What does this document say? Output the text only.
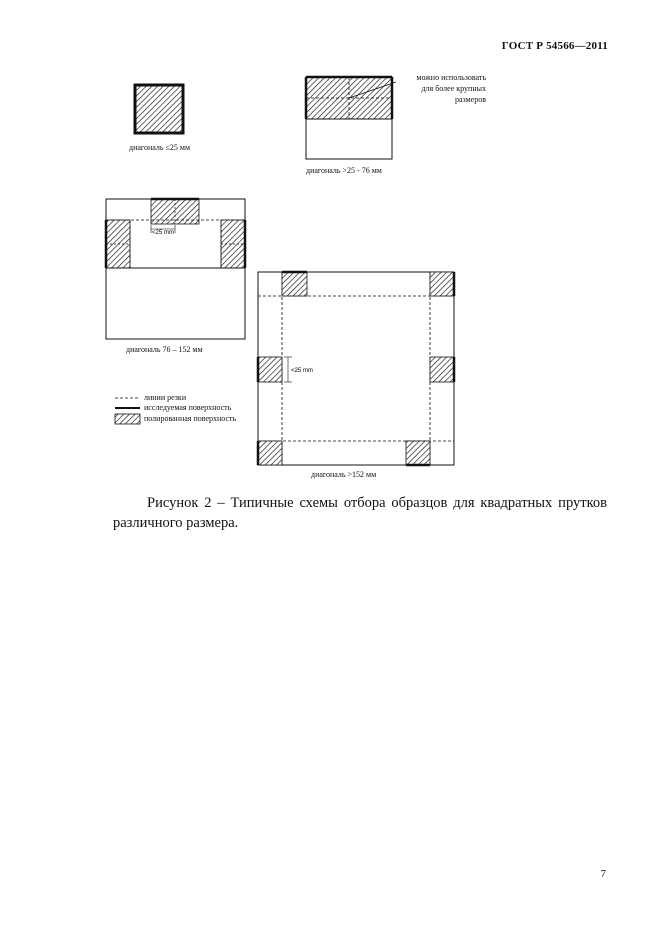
ГОСТ Р 54566—2011
<25 mm
<25 mm
диагональ ≤25 мм
можно использовать
для более крупных
размеров
диагональ >25 - 76 мм
диагональ 76 – 152 мм
диагональ >152 мм
линии резки
исследуемая поверхность
полированная поверхность
Рисунок 2 – Типичные схемы отбора образцов для квадратных прутков различного размера.
7
